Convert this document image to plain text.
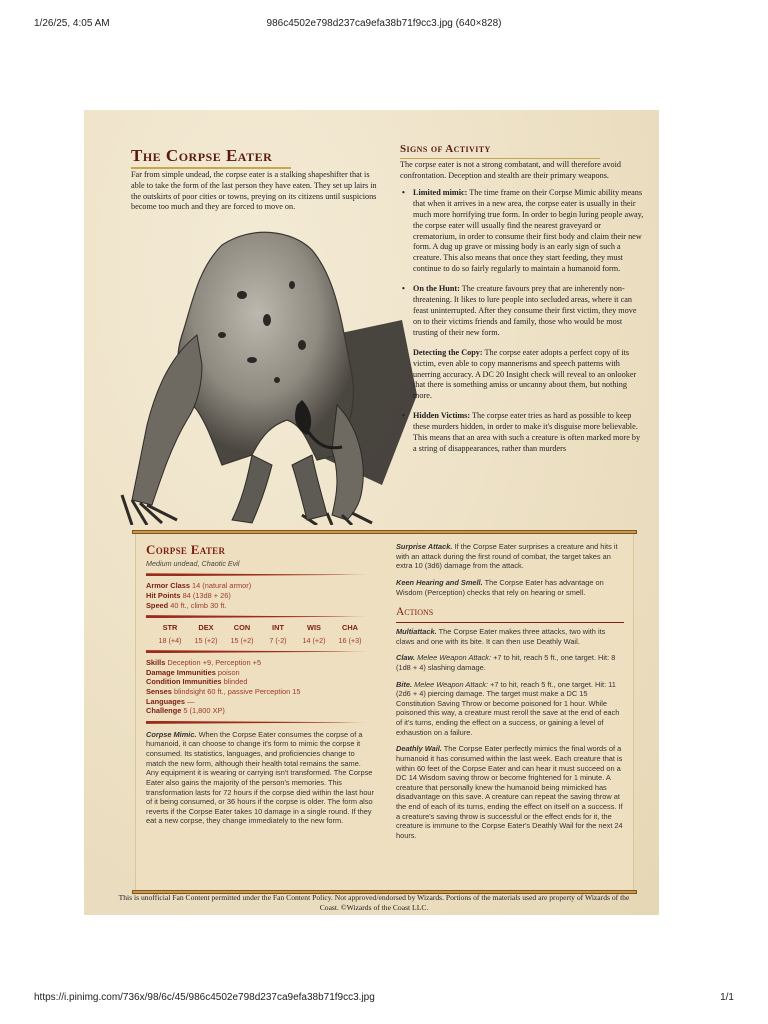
1/26/25, 4:05 AM	986c4502e798d237ca9efa38b71f9cc3.jpg (640×828)
The Corpse Eater

Far from simple undead, the corpse eater is a stalking shapeshifter that is able to take the form of the last person they have eaten. They set up lairs in the outskirts of poor cities or towns, preying on its citizens until suspicions become too much and they are forced to move on.

Signs of Activity

The corpse eater is not a strong combatant, and will therefore avoid confrontation. Deception and stealth are their primary weapons.

• Limited mimic: The time frame on their Corpse Mimic ability means that when it arrives in a new area, the corpse eater is usually in their much more horrifying true form. In order to begin luring people away, the corpse eater will usually find the nearest graveyard or crematorium, in order to consume their first body and claim their new form. A dug up grave or missing body is an early sign of such a creature. This also means that once they start feeding, they must continue to do so fairly regularly to maintain a humanoid form.
• On the Hunt: The creature favours prey that are inherently non-threatening. It likes to lure people into secluded areas, where it can feast uninterrupted. After they consume their first victim, they move on to their victims friends and family, those who would be most trusting of their new form.
Detecting the Copy: The corpse eater adopts a perfect copy of its victim, even able to copy mannerisms and speech patterns with unerring accuracy. A DC 20 Insight check will reveal to an onlooker that there is something amiss or uncanny about them, but nothing more.
• Hidden Victims: The corpse eater tries as hard as possible to keep these murders hidden, in order to make it's disguise more believable. This means that an area with such a creature is often marked more by a string of disappearances, rather than murders
Corpse Eater
Medium undead, Chaotic Evil
Armor Class 14 (natural armor)
Hit Points 84 (13d8 + 26)
Speed 40 ft., climb 30 ft.
STR
18 (+4)
DEX
15 (+2)
CON
15 (+2)
INT
7 (-2)
WIS
14 (+2)
CHA
16 (+3)
Skills Deception +9, Perception +5
Damage Immunities poison
Condition Immunities blinded
Senses blindsight 60 ft., passive Perception 15
Languages —
Challenge 5 (1,800 XP)
Corpse Mimic. When the Corpse Eater consumes the corpse of a humanoid, it can choose to change it's form to mimic the corpse it consumed. Its statistics, languages, and proficiencies change to match the new form, although their health total remains the same. Any equipment it is wearing or carrying isn't transformed. The Corpse Eater also gains the majority of the person's memories. This transformation lasts for 72 hours if the corpse died within the last hour of it being consumed, or 36 hours if the corpse is older. The form also reverts if the Corpse Eater takes 10 damage in a single round. If they eat a new corpse, they change immediately to the new form.
Surprise Attack. If the Corpse Eater surprises a creature and hits it with an attack during the first round of combat, the target takes an extra 10 (3d6) damage from the attack.
Keen Hearing and Smell. The Corpse Eater has advantage on Wisdom (Perception) checks that rely on hearing or smell.
Actions
Multiattack. The Corpse Eater makes three attacks, two with its claws and one with its bite. It can then use Deathly Wail.
Claw. Melee Weapon Attack: +7 to hit, reach 5 ft., one target. Hit: 8 (1d8 + 4) slashing damage.
Bite. Melee Weapon Attack: +7 to hit, reach 5 ft., one target. Hit: 11 (2d6 + 4) piercing damage. The target must make a DC 15 Constitution Saving Throw or become poisoned for 1 hour. While poisoned this way, a creature must reroll the save at the end of each of it's turns, ending the effect on a success, or gaining a level of exhaustion on a failure.
Deathly Wail. The Corpse Eater perfectly mimics the final words of a humanoid it has consumed within the last week. Each creature that is within 60 feet of the Corpse Eater and can hear it must succeed on a DC 14 Wisdom saving throw or become frightened for 1 minute. A creature that personally knew the humanoid being mimicked has disadvantage on this save. A creature can repeat the saving throw at the end of each of its turns, ending the effect on itself on a success. If a creature's saving throw is successful or the effect ends for it, the creature is immune to the Corpse Eater's Deathly Wail for the next 24 hours.
This is unofficial Fan Content permitted under the Fan Content Policy. Not approved/endorsed by Wizards. Portions of the materials used are property of Wizards of the Coast. ©Wizards of the Coast LLC.
https://i.pinimg.com/736x/98/6c/45/986c4502e798d237ca9efa38b71f9cc3.jpg	1/1
